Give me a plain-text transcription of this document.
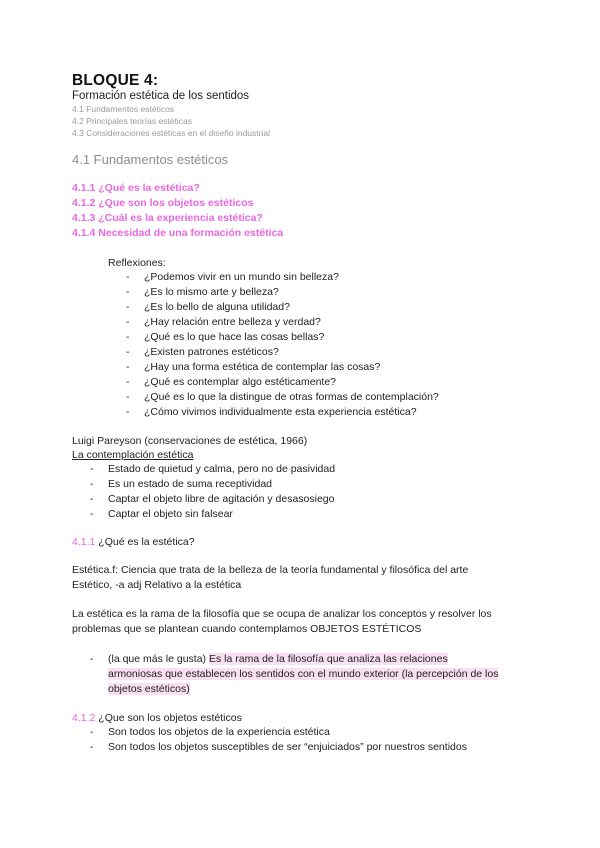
BLOQUE 4:
Formación estética de los sentidos
4.1 Fundamentos estéticos
4.2 Principales teorías estéticas
4.3 Consideraciones estéticas en el diseño industrial
4.1 Fundamentos estéticos
4.1.1 ¿Qué es la estética?
4.1.2 ¿Que son los objetos estéticos
4.1.3 ¿Cuál es la experiencia estética?
4.1.4 Necesidad de una formación estética
Reflexiones:
- ¿Podemos vivir en un mundo sin belleza?
- ¿Es lo mismo arte y belleza?
- ¿Es lo bello de alguna utilidad?
- ¿Hay relación entre belleza y verdad?
- ¿Qué es lo que hace las cosas bellas?
- ¿Existen patrones estéticos?
- ¿Hay una forma estética de contemplar las cosas?
- ¿Qué es contemplar algo estéticamente?
- ¿Qué es lo que la distingue de otras formas de contemplación?
- ¿Cómo vivimos individualmente esta experiencia estética?
Luigi Pareyson (conservaciones de estética, 1966)
La contemplación estética
- Estado de quietud y calma, pero no de pasividad
- Es un estado de suma receptividad
- Captar el objeto libre de agitación y desasosiego
- Captar el objeto sin falsear
4.1.1 ¿Qué es la estética?
Estética.f: Ciencia que trata de la belleza de la teoría fundamental y filosófica del arte
Estético, -a adj Relativo a la estética
La estética es la rama de la filosofía que se ocupa de analizar los conceptos y resolver los
problemas que se plantean cuando contemplamos OBJETOS ESTÉTICOS
- (la que más le gusta) Es la rama de la filosofía que analiza las relaciones
armoniosas que establecen los sentidos con el mundo exterior (la percepción de los
objetos estéticos)
4.1.2 ¿Que son los objetos estéticos
- Son todos los objetos de la experiencia estética
- Son todos los objetos susceptibles de ser “enjuiciados” por nuestros sentidos
